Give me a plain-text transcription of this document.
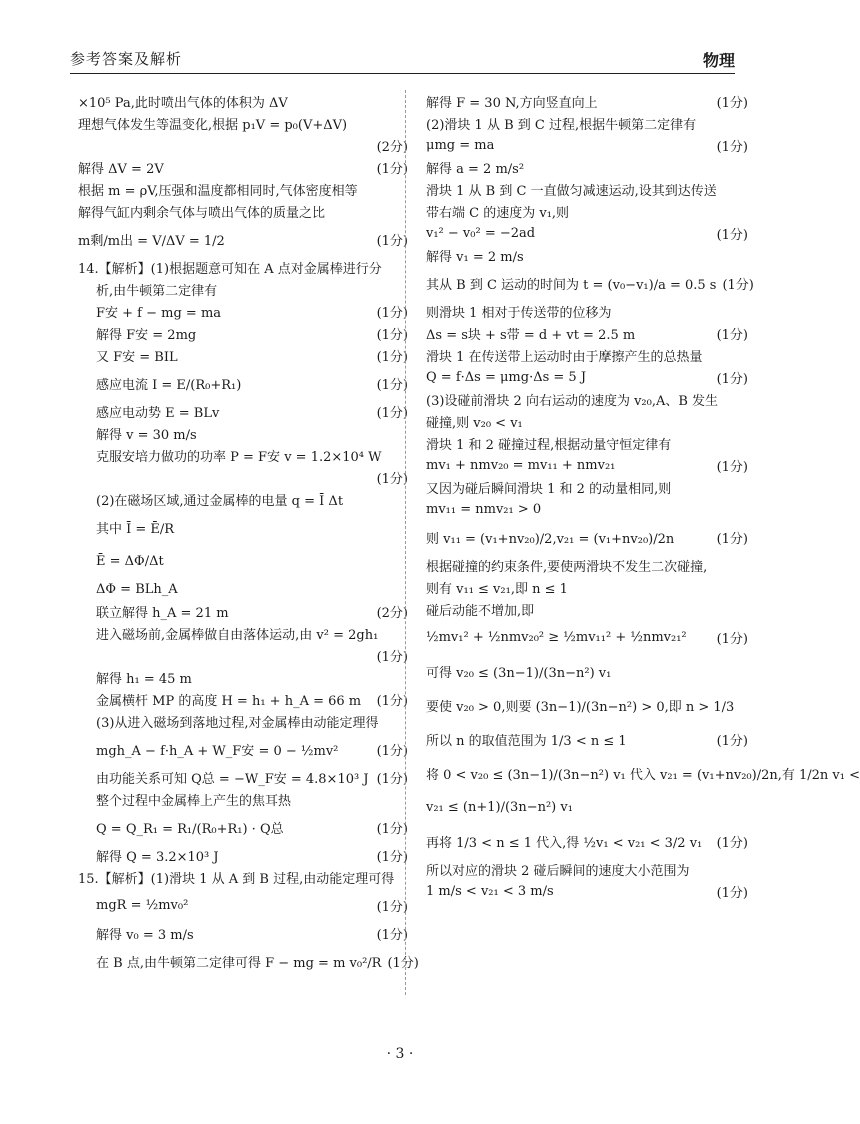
参考答案及解析	物理
×10⁵ Pa,此时喷出气体的体积为 ΔV
理想气体发生等温变化,根据 p₁V = p₀(V+ΔV)
(2分)
解得 ΔV = 2V	(1分)
根据 m = ρV,压强和温度都相同时,气体密度相等
解得气缸内剩余气体与喷出气体的质量之比
m剩/m出 = V/ΔV = 1/2	(1分)
14.【解析】(1)根据题意可知在 A 点对金属棒进行分
析,由牛顿第二定律有
F安 + f − mg = ma	(1分)
解得 F安 = 2mg	(1分)
又 F安 = BIL	(1分)
感应电流 I = E/(R₀+R₁)	(1分)
感应电动势 E = BLv	(1分)
解得 v = 30 m/s
克服安培力做功的功率 P = F安 v = 1.2×10⁴ W
(1分)
(2)在磁场区域,通过金属棒的电量 q = Ī Δt
其中 Ī = Ē/R
Ē = ΔΦ/Δt
ΔΦ = BLh_A
联立解得 h_A = 21 m	(2分)
进入磁场前,金属棒做自由落体运动,由 v² = 2gh₁
(1分)
解得 h₁ = 45 m
金属横杆 MP 的高度 H = h₁ + h_A = 66 m	(1分)
(3)从进入磁场到落地过程,对金属棒由动能定理得
mgh_A − f·h_A + W_F安 = 0 − ½mv²	(1分)
由功能关系可知 Q总 = −W_F安 = 4.8×10³ J (1分)
整个过程中金属棒上产生的焦耳热
Q = Q_R₁ = R₁/(R₀+R₁) · Q总	(1分)
解得 Q = 3.2×10³ J	(1分)
15.【解析】(1)滑块 1 从 A 到 B 过程,由动能定理可得
mgR = ½mv₀²	(1分)
解得 v₀ = 3 m/s	(1分)
在 B 点,由牛顿第二定律可得 F − mg = m v₀²/R (1分)
解得 F = 30 N,方向竖直向上	(1分)
(2)滑块 1 从 B 到 C 过程,根据牛顿第二定律有
μmg = ma	(1分)
解得 a = 2 m/s²
滑块 1 从 B 到 C 一直做匀减速运动,设其到达传送
带右端 C 的速度为 v₁,则
v₁² − v₀² = −2ad	(1分)
解得 v₁ = 2 m/s
其从 B 到 C 运动的时间为 t = (v₀−v₁)/a = 0.5 s (1分)
则滑块 1 相对于传送带的位移为
Δs = s块 + s带 = d + vt = 2.5 m	(1分)
滑块 1 在传送带上运动时由于摩擦产生的总热量
Q = f·Δs = μmg·Δs = 5 J	(1分)
(3)设碰前滑块 2 向右运动的速度为 v₂₀,A、B 发生
碰撞,则 v₂₀ < v₁
滑块 1 和 2 碰撞过程,根据动量守恒定律有
mv₁ + nmv₂₀ = mv₁₁ + nmv₂₁	(1分)
又因为碰后瞬间滑块 1 和 2 的动量相同,则
mv₁₁ = nmv₂₁ > 0
则 v₁₁ = (v₁+nv₂₀)/2,v₂₁ = (v₁+nv₂₀)/2n	(1分)
根据碰撞的约束条件,要使两滑块不发生二次碰撞,
则有 v₁₁ ≤ v₂₁,即 n ≤ 1
碰后动能不增加,即
½mv₁² + ½nmv₂₀² ≥ ½mv₁₁² + ½nmv₂₁²	(1分)
可得 v₂₀ ≤ (3n−1)/(3n−n²) v₁
要使 v₂₀ > 0,则要 (3n−1)/(3n−n²) > 0,即 n > 1/3
所以 n 的取值范围为 1/3 < n ≤ 1	(1分)
将 0 < v₂₀ ≤ (3n−1)/(3n−n²) v₁ 代入 v₂₁ = (v₁+nv₂₀)/2n,有 1/2n v₁ <
v₂₁ ≤ (n+1)/(3n−n²) v₁
再将 1/3 < n ≤ 1 代入,得 ½v₁ < v₂₁ < 3/2 v₁	(1分)
所以对应的滑块 2 碰后瞬间的速度大小范围为
1 m/s < v₂₁ < 3 m/s	(1分)
· 3 ·
